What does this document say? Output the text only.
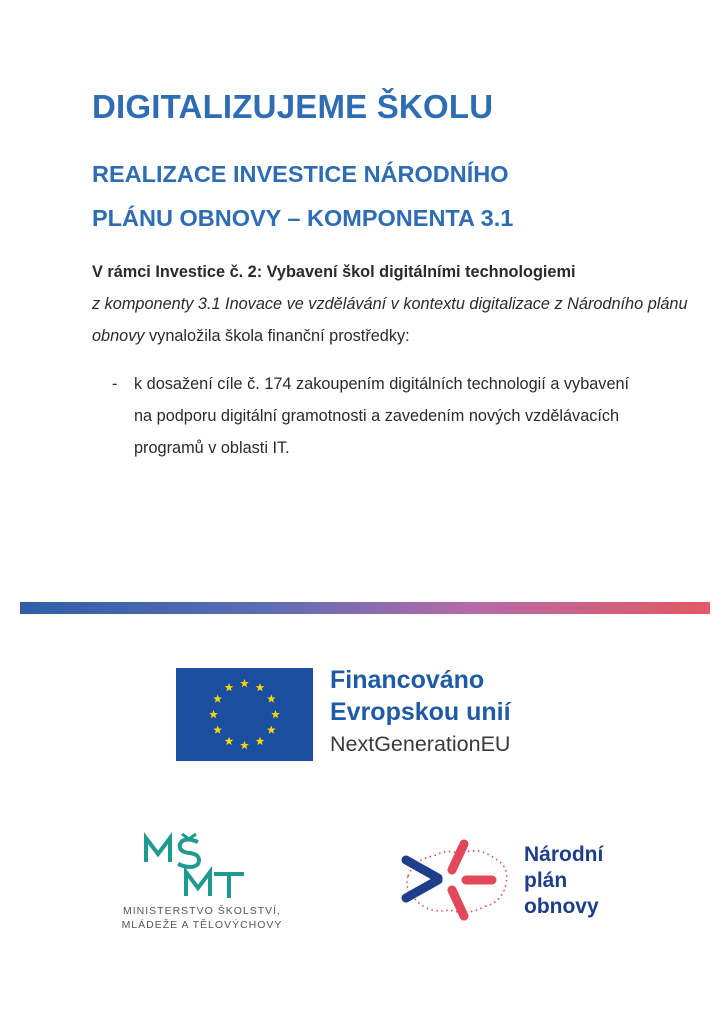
DIGITALIZUJEME ŠKOLU
REALIZACE INVESTICE NÁRODNÍHO
PLÁNU OBNOVY – KOMPONENTA 3.1

V rámci Investice č. 2: Vybavení škol digitálními technologiemi
z komponenty 3.1 Inovace ve vzdělávání v kontextu digitalizace z Národního plánu obnovy vynaložila škola finanční prostředky:

- k dosažení cíle č. 174 zakoupením digitálních technologií a vybavení na podporu digitální gramotnosti a zavedením nových vzdělávacích programů v oblasti IT.
Financováno
Evropskou unií
NextGenerationEU
MINISTERSTVO ŠKOLSTVÍ,
MLÁDEŽE A TĚLOVÝCHOVY
Národní
plán
obnovy
